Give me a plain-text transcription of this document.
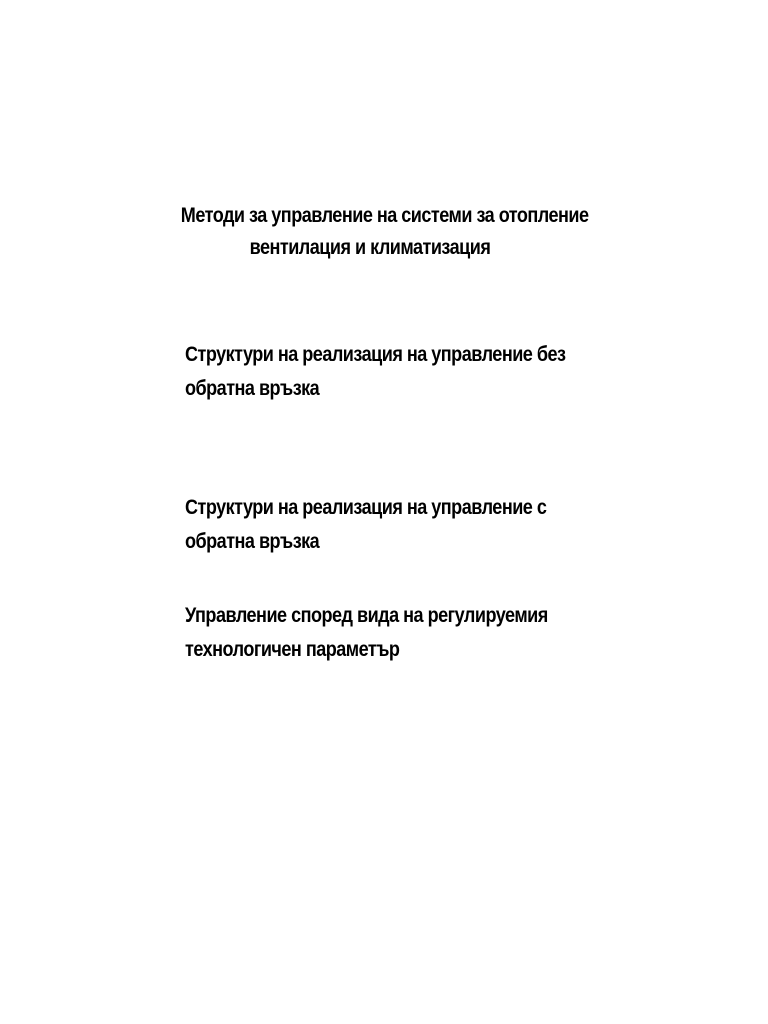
Методи за управление на системи за отопление
вентилация и климатизация
Структури на реализация на управление без
обратна връзка
Структури на реализация на управление с
обратна връзка
Управление според вида на регулируемия
технологичен параметър
